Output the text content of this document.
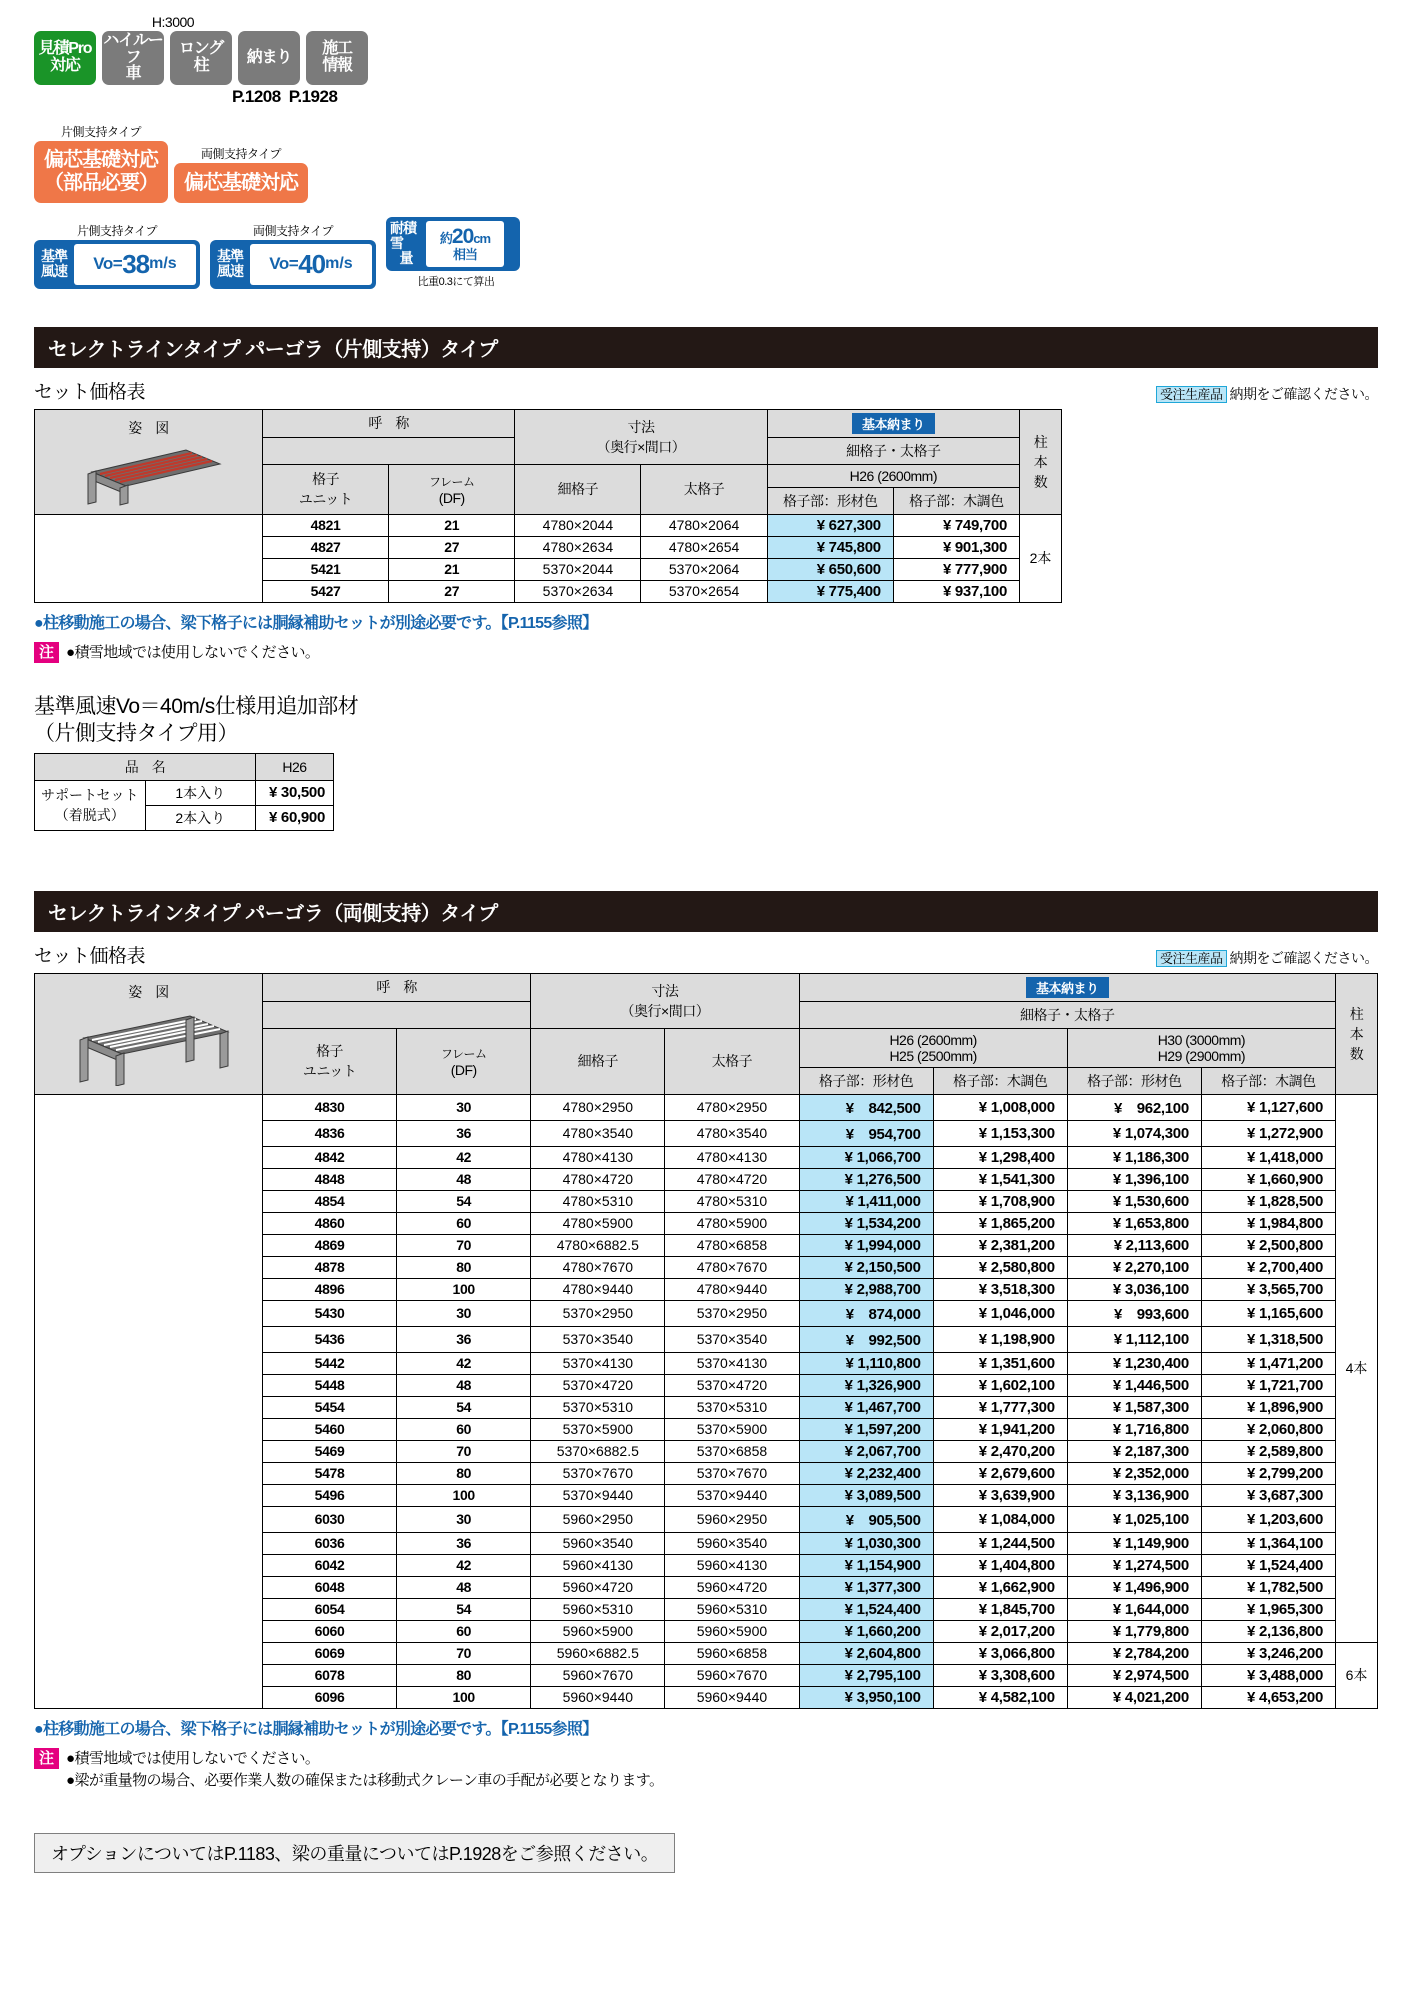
H:3000
見積Pro
対応
ハイルーフ
車
ロング
柱 納まり 施工
情報
P.1208 P.1928
片側支持タイプ
偏芯基礎対応
（部品必要）
両側支持タイプ
偏芯基礎対応
片側支持タイプ
基準
風速 Vo= 38 m/s
両側支持タイプ
基準
風速 Vo= 40 m/s
耐積雪
量
約20cm
相当
比重0.3にて算出
セレクトラインタイプ パーゴラ（片側支持）タイプ
セット価格表	受注生産品 納期をご確認ください。
姿　図	呼　称	寸法
（奥行×間口）
	基本納まり	
柱
本
数

					細格子・太格子		

格子
ユニット

フレーム
(DF)
	細格子	太格子	H26 (2600mm)
					格子部：形材色	格子部：木調色	
	4821	21	4780×2044	4780×2064	¥ 627,300	¥ 749,700	2本
	4827	27	4780×2634	4780×2654	¥ 745,800	¥ 901,300	
	5421	21	5370×2044	5370×2064	¥ 650,600	¥ 777,900	
	5427	27	5370×2634	5370×2654	¥ 775,400	¥ 937,100	
●柱移動施工の場合、梁下格子には胴縁補助セットが別途必要です。【P.1155参照】
注 ●積雪地域では使用しないでください。
基準風速Vo＝40m/s仕様用追加部材
（片側支持タイプ用）
品　名		H26

サポートセット
（着脱式）	1本入り	¥ 30,500
	2本入り	¥ 60,900
セレクトラインタイプ パーゴラ（両側支持）タイプ
セット価格表	受注生産品 納期をご確認ください。
姿　図	呼　称	寸法
（奥行×間口）
	基本納まり	
柱
本
数

					細格子・太格子				

格子
ユニット

フレーム
(DF)
	細格子	太格子	
H26 (2600mm)
H25 (2500mm)

H30 (3000mm)
H29 (2900mm)

					格子部：形材色	格子部：木調色	格子部：形材色	格子部：木調色	
	4830	30	4780×2950	4780×2950	¥　842,500	¥ 1,008,000	¥　962,100	¥ 1,127,600	4本
	4836	36	4780×3540	4780×3540	¥　954,700	¥ 1,153,300	¥ 1,074,300	¥ 1,272,900	
	4842	42	4780×4130	4780×4130	¥ 1,066,700	¥ 1,298,400	¥ 1,186,300	¥ 1,418,000	
	4848	48	4780×4720	4780×4720	¥ 1,276,500	¥ 1,541,300	¥ 1,396,100	¥ 1,660,900	
	4854	54	4780×5310	4780×5310	¥ 1,411,000	¥ 1,708,900	¥ 1,530,600	¥ 1,828,500	
	4860	60	4780×5900	4780×5900	¥ 1,534,200	¥ 1,865,200	¥ 1,653,800	¥ 1,984,800	
	4869	70	4780×6882.5	4780×6858	¥ 1,994,000	¥ 2,381,200	¥ 2,113,600	¥ 2,500,800	
	4878	80	4780×7670	4780×7670	¥ 2,150,500	¥ 2,580,800	¥ 2,270,100	¥ 2,700,400	
	4896	100	4780×9440	4780×9440	¥ 2,988,700	¥ 3,518,300	¥ 3,036,100	¥ 3,565,700	
	5430	30	5370×2950	5370×2950	¥　874,000	¥ 1,046,000	¥　993,600	¥ 1,165,600	
	5436	36	5370×3540	5370×3540	¥　992,500	¥ 1,198,900	¥ 1,112,100	¥ 1,318,500	
	5442	42	5370×4130	5370×4130	¥ 1,110,800	¥ 1,351,600	¥ 1,230,400	¥ 1,471,200	
	5448	48	5370×4720	5370×4720	¥ 1,326,900	¥ 1,602,100	¥ 1,446,500	¥ 1,721,700	
	5454	54	5370×5310	5370×5310	¥ 1,467,700	¥ 1,777,300	¥ 1,587,300	¥ 1,896,900	
	5460	60	5370×5900	5370×5900	¥ 1,597,200	¥ 1,941,200	¥ 1,716,800	¥ 2,060,800	
	5469	70	5370×6882.5	5370×6858	¥ 2,067,700	¥ 2,470,200	¥ 2,187,300	¥ 2,589,800	
	5478	80	5370×7670	5370×7670	¥ 2,232,400	¥ 2,679,600	¥ 2,352,000	¥ 2,799,200	
	5496	100	5370×9440	5370×9440	¥ 3,089,500	¥ 3,639,900	¥ 3,136,900	¥ 3,687,300	
	6030	30	5960×2950	5960×2950	¥　905,500	¥ 1,084,000	¥ 1,025,100	¥ 1,203,600	
	6036	36	5960×3540	5960×3540	¥ 1,030,300	¥ 1,244,500	¥ 1,149,900	¥ 1,364,100	
	6042	42	5960×4130	5960×4130	¥ 1,154,900	¥ 1,404,800	¥ 1,274,500	¥ 1,524,400	
	6048	48	5960×4720	5960×4720	¥ 1,377,300	¥ 1,662,900	¥ 1,496,900	¥ 1,782,500	
	6054	54	5960×5310	5960×5310	¥ 1,524,400	¥ 1,845,700	¥ 1,644,000	¥ 1,965,300	
	6060	60	5960×5900	5960×5900	¥ 1,660,200	¥ 2,017,200	¥ 1,779,800	¥ 2,136,800	
	6069	70	5960×6882.5	5960×6858	¥ 2,604,800	¥ 3,066,800	¥ 2,784,200	¥ 3,246,200	6本
	6078	80	5960×7670	5960×7670	¥ 2,795,100	¥ 3,308,600	¥ 2,974,500	¥ 3,488,000	
	6096	100	5960×9440	5960×9440	¥ 3,950,100	¥ 4,582,100	¥ 4,021,200	¥ 4,653,200	
●柱移動施工の場合、梁下格子には胴縁補助セットが別途必要です。【P.1155参照】
注 ●積雪地域では使用しないでください。
●梁が重量物の場合、必要作業人数の確保または移動式クレーン車の手配が必要となります。
オプションについてはP.1183、梁の重量についてはP.1928をご参照ください。
